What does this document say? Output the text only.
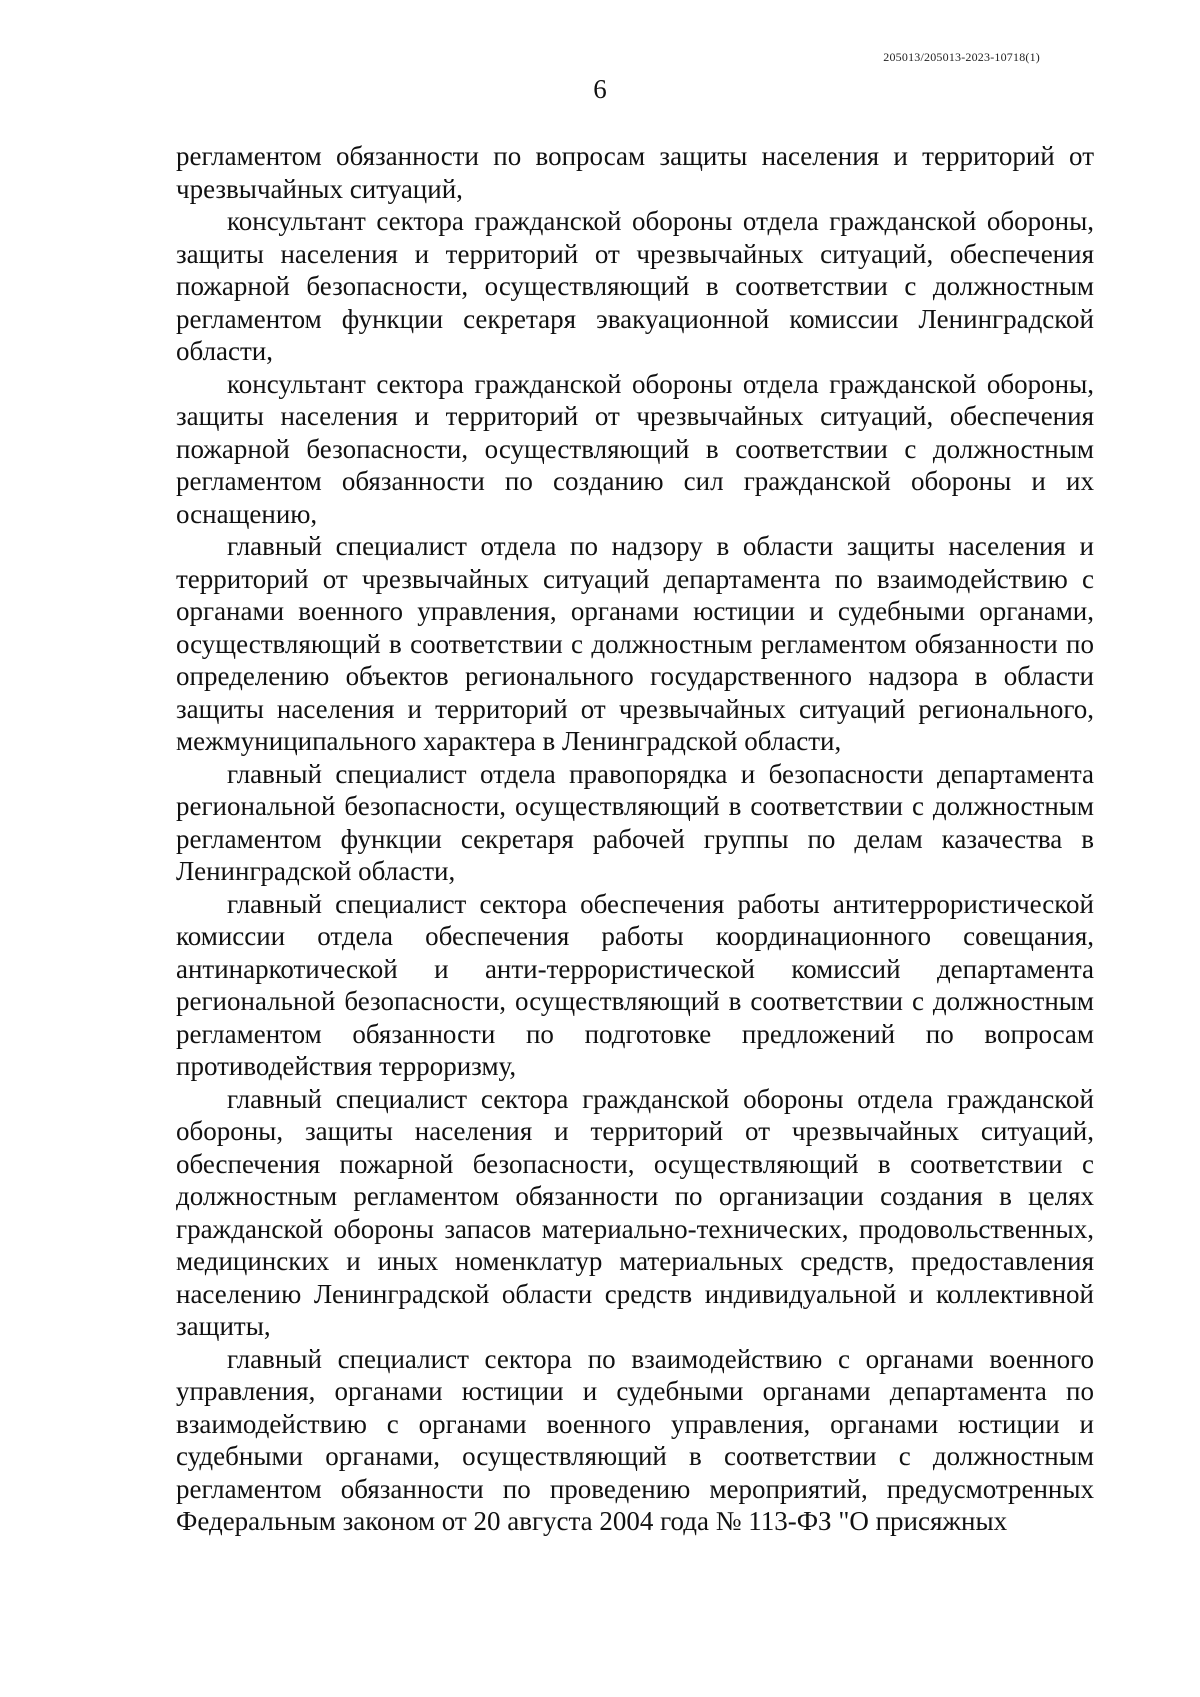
205013/205013-2023-10718(1)
6

регламентом обязанности по вопросам защиты населения и территорий от чрезвычайных ситуаций,

консультант сектора гражданской обороны отдела гражданской обороны, защиты населения и территорий от чрезвычайных ситуаций, обеспечения пожарной безопасности, осуществляющий в соответствии с должностным регламентом функции секретаря эвакуационной комиссии Ленинградской области,

консультант сектора гражданской обороны отдела гражданской обороны, защиты населения и территорий от чрезвычайных ситуаций, обеспечения пожарной безопасности, осуществляющий в соответствии с должностным регламентом обязанности по созданию сил гражданской обороны и их оснащению,

главный специалист отдела по надзору в области защиты населения и территорий от чрезвычайных ситуаций департамента по взаимодействию с органами военного управления, органами юстиции и судебными органами, осуществляющий в соответствии с должностным регламентом обязанности по определению объектов регионального государственного надзора в области защиты населения и территорий от чрезвычайных ситуаций регионального, межмуниципального характера в Ленинградской области,

главный специалист отдела правопорядка и безопасности департамента региональной безопасности, осуществляющий в соответствии с должностным регламентом функции секретаря рабочей группы по делам казачества в Ленинградской области,

главный специалист сектора обеспечения работы антитеррористической комиссии отдела обеспечения работы координационного совещания, антинаркотической и анти-террористической комиссий департамента региональной безопасности, осуществляющий в соответствии с должностным регламентом обязанности по подготовке предложений по вопросам противодействия терроризму,

главный специалист сектора гражданской обороны отдела гражданской обороны, защиты населения и территорий от чрезвычайных ситуаций, обеспечения пожарной безопасности, осуществляющий в соответствии с должностным регламентом обязанности по организации создания в целях гражданской обороны запасов материально-технических, продовольственных, медицинских и иных номенклатур материальных средств, предоставления населению Ленинградской области средств индивидуальной и коллективной защиты,

главный специалист сектора по взаимодействию с органами военного управления, органами юстиции и судебными органами департамента по взаимодействию с органами военного управления, органами юстиции и судебными органами, осуществляющий в соответствии с должностным регламентом обязанности по проведению мероприятий, предусмотренных Федеральным законом от 20 августа 2004 года № 113-ФЗ "О присяжных
